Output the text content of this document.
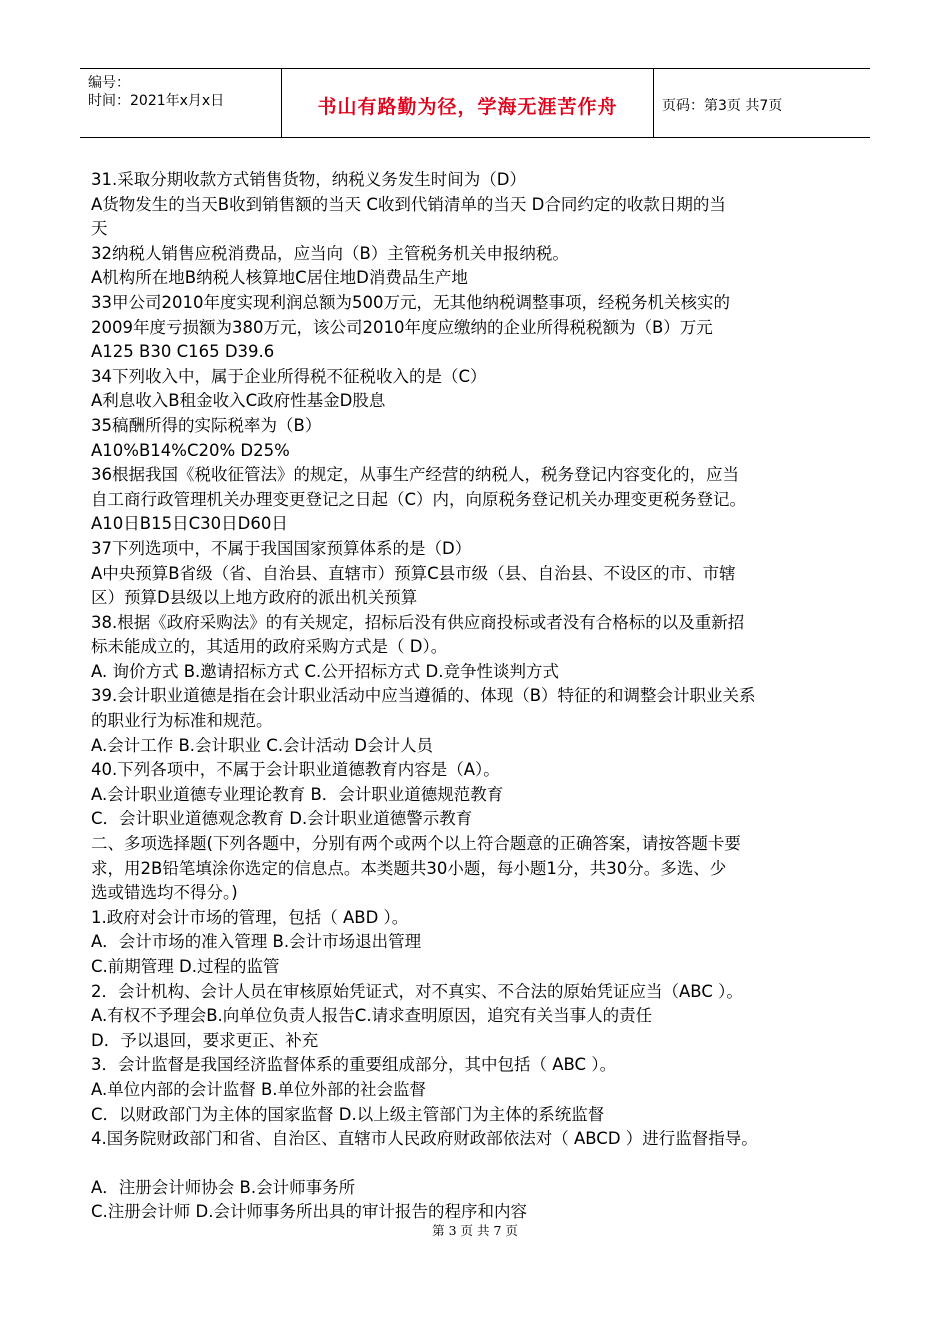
编号：
时间：2021年x月x日	书山有路勤为径，学海无涯苦作舟	页码：第3页 共7页
31.采取分期收款方式销售货物，纳税义务发生时间为（D）
A货物发生的当天B收到销售额的当天 C收到代销清单的当天 D合同约定的收款日期的当
天
32纳税人销售应税消费品，应当向（B）主管税务机关申报纳税。
A机构所在地B纳税人核算地C居住地D消费品生产地
33甲公司2010年度实现利润总额为500万元，无其他纳税调整事项，经税务机关核实的
2009年度亏损额为380万元，该公司2010年度应缴纳的企业所得税税额为（B）万元
A125 B30 C165 D39.6
34下列收入中，属于企业所得税不征税收入的是（C）
A利息收入B租金收入C政府性基金D股息
35稿酬所得的实际税率为（B）
A10%B14%C20% D25%
36根据我国《税收征管法》的规定，从事生产经营的纳税人，税务登记内容变化的，应当
自工商行政管理机关办理变更登记之日起（C）内，向原税务登记机关办理变更税务登记。
A10日B15日C30日D60日
37下列选项中，不属于我国国家预算体系的是（D）
A中央预算B省级（省、自治县、直辖市）预算C县市级（县、自治县、不设区的市、市辖
区）预算D县级以上地方政府的派出机关预算
38.根据《政府采购法》的有关规定，招标后没有供应商投标或者没有合格标的以及重新招
标未能成立的，其适用的政府采购方式是（ D）。
A. 询价方式 B.邀请招标方式 C.公开招标方式 D.竞争性谈判方式
39.会计职业道德是指在会计职业活动中应当遵循的、体现（B）特征的和调整会计职业关系
的职业行为标准和规范。
A.会计工作 B.会计职业 C.会计活动 D会计人员
40.下列各项中，不属于会计职业道德教育内容是（A）。
A.会计职业道德专业理论教育 B．会计职业道德规范教育
C．会计职业道德观念教育 D.会计职业道德警示教育
二、多项选择题(下列各题中，分别有两个或两个以上符合题意的正确答案，请按答题卡要
求，用2B铅笔填涂你选定的信息点。本类题共30小题，每小题1分，共30分。多选、少
选或错选均不得分。)
1.政府对会计市场的管理，包括（ ABD ）。
A．会计市场的准入管理 B.会计市场退出管理
C.前期管理 D.过程的监管
2．会计机构、会计人员在审核原始凭证式，对不真实、不合法的原始凭证应当（ABC ）。
A.有权不予理会B.向单位负责人报告C.请求查明原因，追究有关当事人的责任
D．予以退回，要求更正、补充
3．会计监督是我国经济监督体系的重要组成部分，其中包括（ ABC ）。
A.单位内部的会计监督 B.单位外部的社会监督
C．以财政部门为主体的国家监督 D.以上级主管部门为主体的系统监督
4.国务院财政部门和省、自治区、直辖市人民政府财政部依法对（ ABCD ）进行监督指导。
A．注册会计师协会 B.会计师事务所
C.注册会计师 D.会计师事务所出具的审计报告的程序和内容
第 3 页 共 7 页
